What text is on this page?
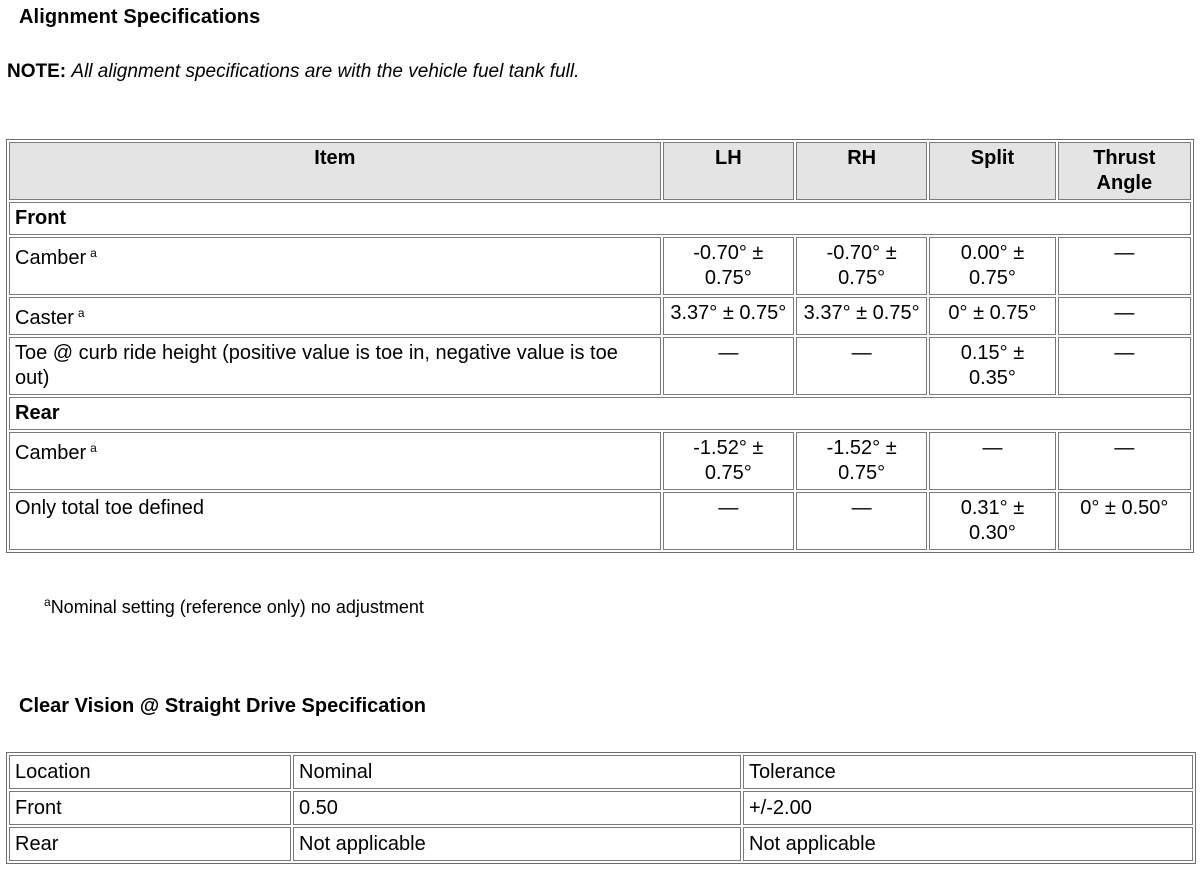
Alignment Specifications
NOTE: All alignment specifications are with the vehicle fuel tank full.
Item	LH	RH	Split	Thrust Angle
Front				
Camber $^a$	-0.70° ± 0.75°	-0.70° ± 0.75°	0.00° ± 0.75°	—
Caster $^a$	3.37° ± 0.75°	3.37° ± 0.75°	0° ± 0.75°	—
Toe @ curb ride height (positive value is toe in, negative value is toe out)	—	—	0.15° ± 0.35°	—
Rear				
Camber $^a$	-1.52° ± 0.75°	-1.52° ± 0.75°	—	—
Only total toe defined	—	—	0.31° ± 0.30°	0° ± 0.50°
$^a$Nominal setting (reference only) no adjustment
Clear Vision @ Straight Drive Specification
Location	Nominal	Tolerance
Front	0.50	+/-2.00
Rear	Not applicable	Not applicable
